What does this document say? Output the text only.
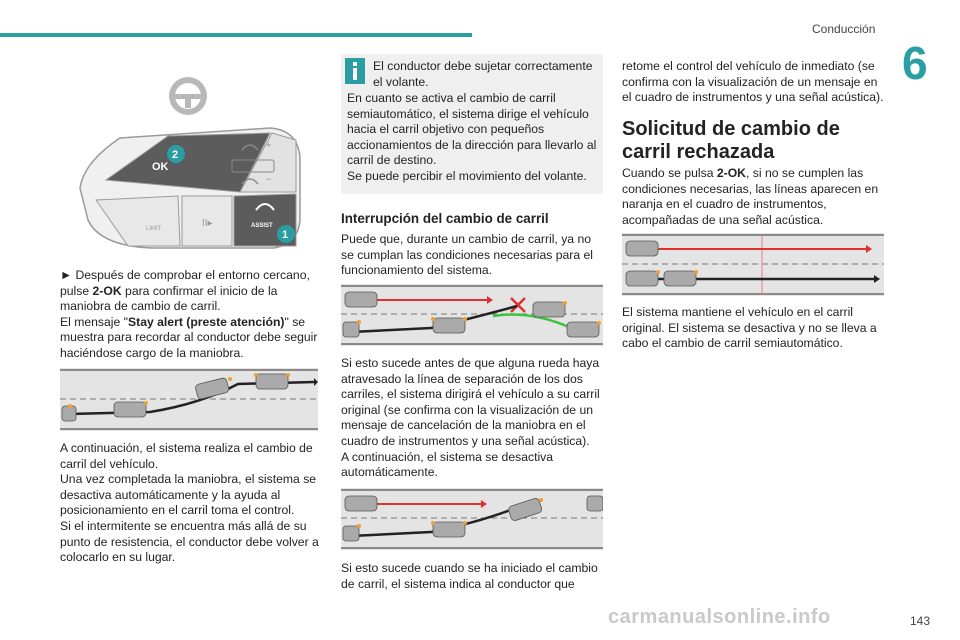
Conducción
6
+
−
OK
2
LIMIT	II▸	ASSIST
1

► Después de comprobar el entorno cercano, pulse 2-OK para confirmar el inicio de la maniobra de cambio de carril.

El mensaje "Stay alert (preste atención)" se muestra para recordar al conductor debe seguir haciéndose cargo de la maniobra.

A continuación, el sistema realiza el cambio de carril del vehículo.

Una vez completada la maniobra, el sistema se desactiva automáticamente y la ayuda al posicionamiento en el carril toma el control.

Si el intermitente se encuentra más allá de su punto de resistencia, el conductor debe volver a colocarlo en su lugar.

El conductor debe sujetar correctamente el volante.

En cuanto se activa el cambio de carril semiautomático, el sistema dirige el vehículo hacia el carril objetivo con pequeños accionamientos de la dirección para llevarlo al carril de destino.

Se puede percibir el movimiento del volante.

Interrupción del cambio de carril
Puede que, durante un cambio de carril, ya no se cumplan las condiciones necesarias para el funcionamiento del sistema.

Si esto sucede antes de que alguna rueda haya atravesado la línea de separación de los dos carriles, el sistema dirigirá el vehículo a su carril original (se confirma con la visualización de un mensaje de cancelación de la maniobra en el cuadro de instrumentos y una señal acústica).

A continuación, el sistema se desactiva automáticamente.

Si esto sucede cuando se ha iniciado el cambio de carril, el sistema indica al conductor que
retome el control del vehículo de inmediato (se confirma con la visualización de un mensaje en el cuadro de instrumentos y una señal acústica).
Solicitud de cambio de carril rechazada
Cuando se pulsa 2-OK, si no se cumplen las condiciones necesarias, las líneas aparecen en naranja en el cuadro de instrumentos, acompañadas de una señal acústica.
El sistema mantiene el vehículo en el carril original. El sistema se desactiva y no se lleva a cabo el cambio de carril semiautomático.
carmanualsonline.info	143
